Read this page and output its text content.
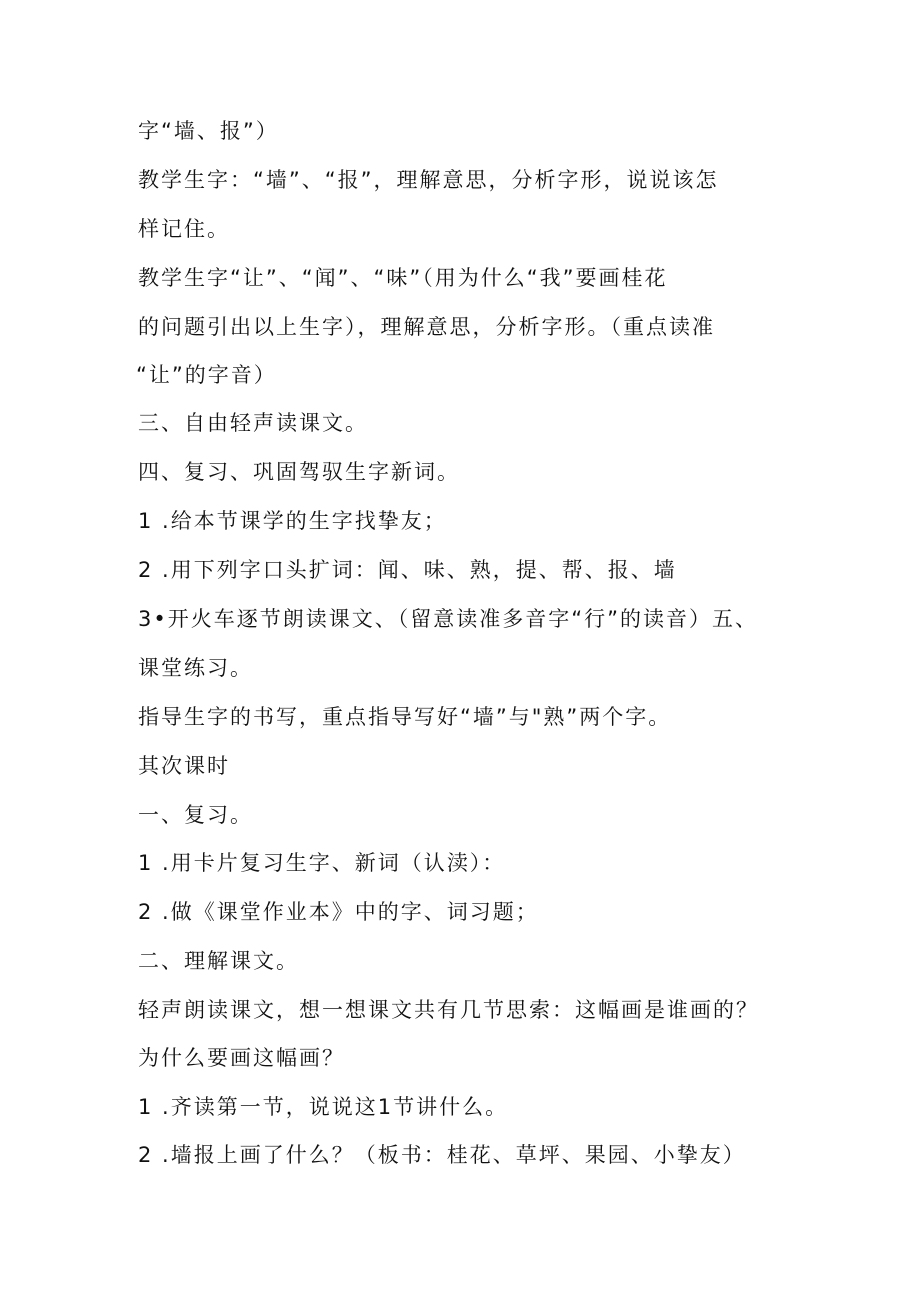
字“墙、报”）
教学生字：“墙”、“报”，理解意思，分析字形，说说该怎
样记住。
教学生字“让”、“闻”、“味”（用为什么“我”要画桂花
的问题引出以上生字），理解意思，分析字形。（重点读准
“让”的字音）
三、自由轻声读课文。
四、复习、巩固驾驭生字新词。
1 .给本节课学的生字找挚友；
2 .用下列字口头扩词：闻、味、熟，提、帮、报、墙
3•开火车逐节朗读课文、（留意读准多音字“行”的读音）五、
课堂练习。
指导生字的书写，重点指导写好“墙”与"熟”两个字。
其次课时
一、复习。
1 .用卡片复习生字、新词（认渎）：
2 .做《课堂作业本》中的字、词习题；
二、理解课文。
轻声朗读课文，想一想课文共有几节思索：这幅画是谁画的？
为什么要画这幅画？
1 .齐读第一节，说说这1节讲什么。
2 .墙报上画了什么？（板书：桂花、草坪、果园、小挚友）
